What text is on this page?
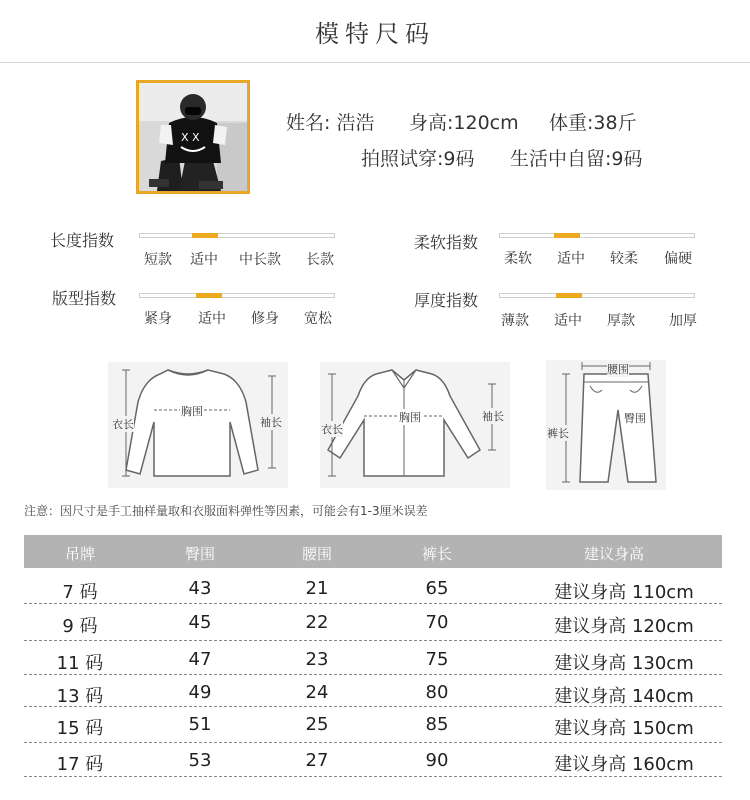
模特尺码
X X
姓名: 浩浩 身高:120cm 体重:38斤
拍照试穿:9码 生活中自留:9码
长度指数
短款	适中	中长款	长款
柔软指数
柔软	适中	较柔	偏硬
版型指数
紧身	适中	修身	宽松
厚度指数
薄款	适中	厚款	加厚
衣长
胸围
袖长
衣长
胸围	袖长
腰围
臀围
裤长
注意：因尺寸是手工抽样量取和衣服面料弹性等因素，可能会有1-3厘米误差
吊牌	臀围	腰围	裤长	建议身高
7 码	43	21	65	建议身高 110cm
9 码	45	22	70	建议身高 120cm
11 码	47	23	75	建议身高 130cm
13 码	49	24	80	建议身高 140cm
15 码	51	25	85	建议身高 150cm
17 码	53	27	90	建议身高 160cm
